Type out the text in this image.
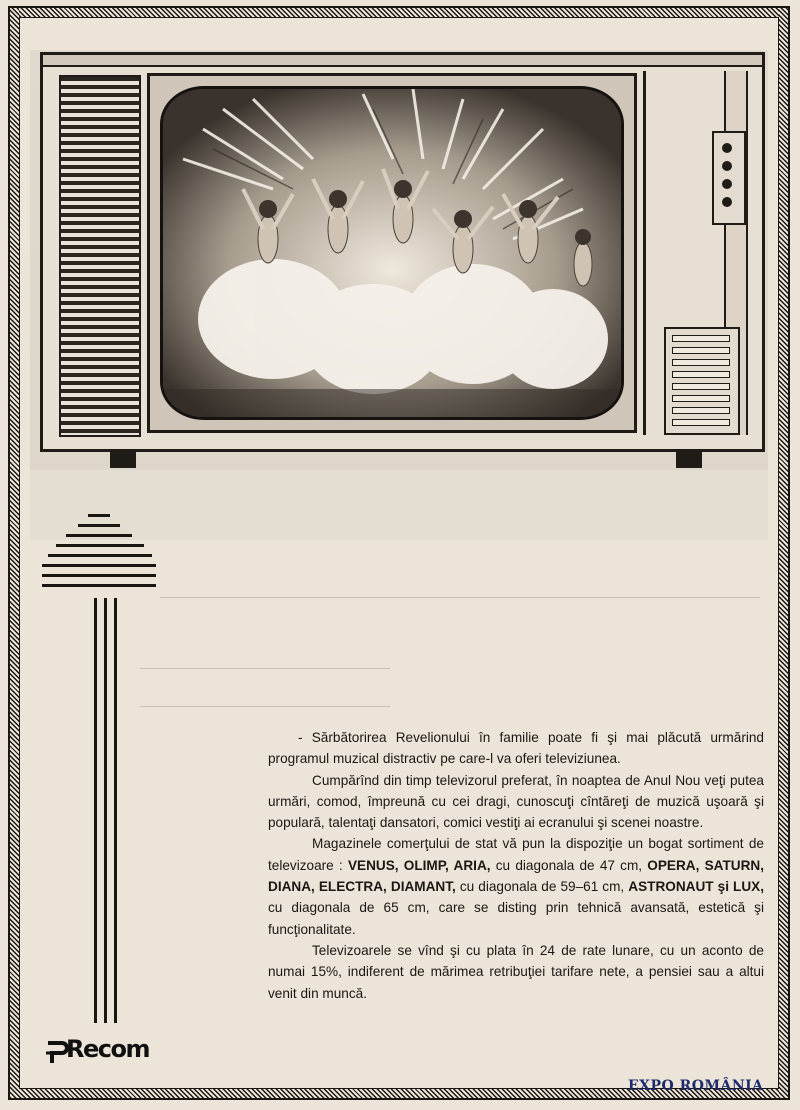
Recom

- Sărbătorirea Revelionului în familie poate fi şi mai plăcută urmărind programul muzical distractiv pe care-l va oferi televiziunea.

Cumpărînd din timp televizorul preferat, în noaptea de Anul Nou veţi putea urmări, comod, împreună cu cei dragi, cunoscuţi cîntăreţi de muzică uşoară şi populară, talentaţi dansatori, comici vestiţi ai ecranului şi scenei noastre.

Magazinele comerţului de stat vă pun la dispoziţie un bogat sortiment de televizoare : VENUS, OLIMP, ARIA, cu diagonala de 47 cm, OPERA, SATURN, DIANA, ELECTRA, DIAMANT, cu diagonala de 59–61 cm, ASTRONAUT şi LUX, cu diagonala de 65 cm, care se disting prin tehnică avansată, estetică şi funcţionalitate.

Televizoarele se vînd şi cu plata în 24 de rate lunare, cu un aconto de numai 15%, indiferent de mărimea retribuţiei tarifare nete, a pensiei sau a altui venit din muncă.

EXPO ROMÂNIA
